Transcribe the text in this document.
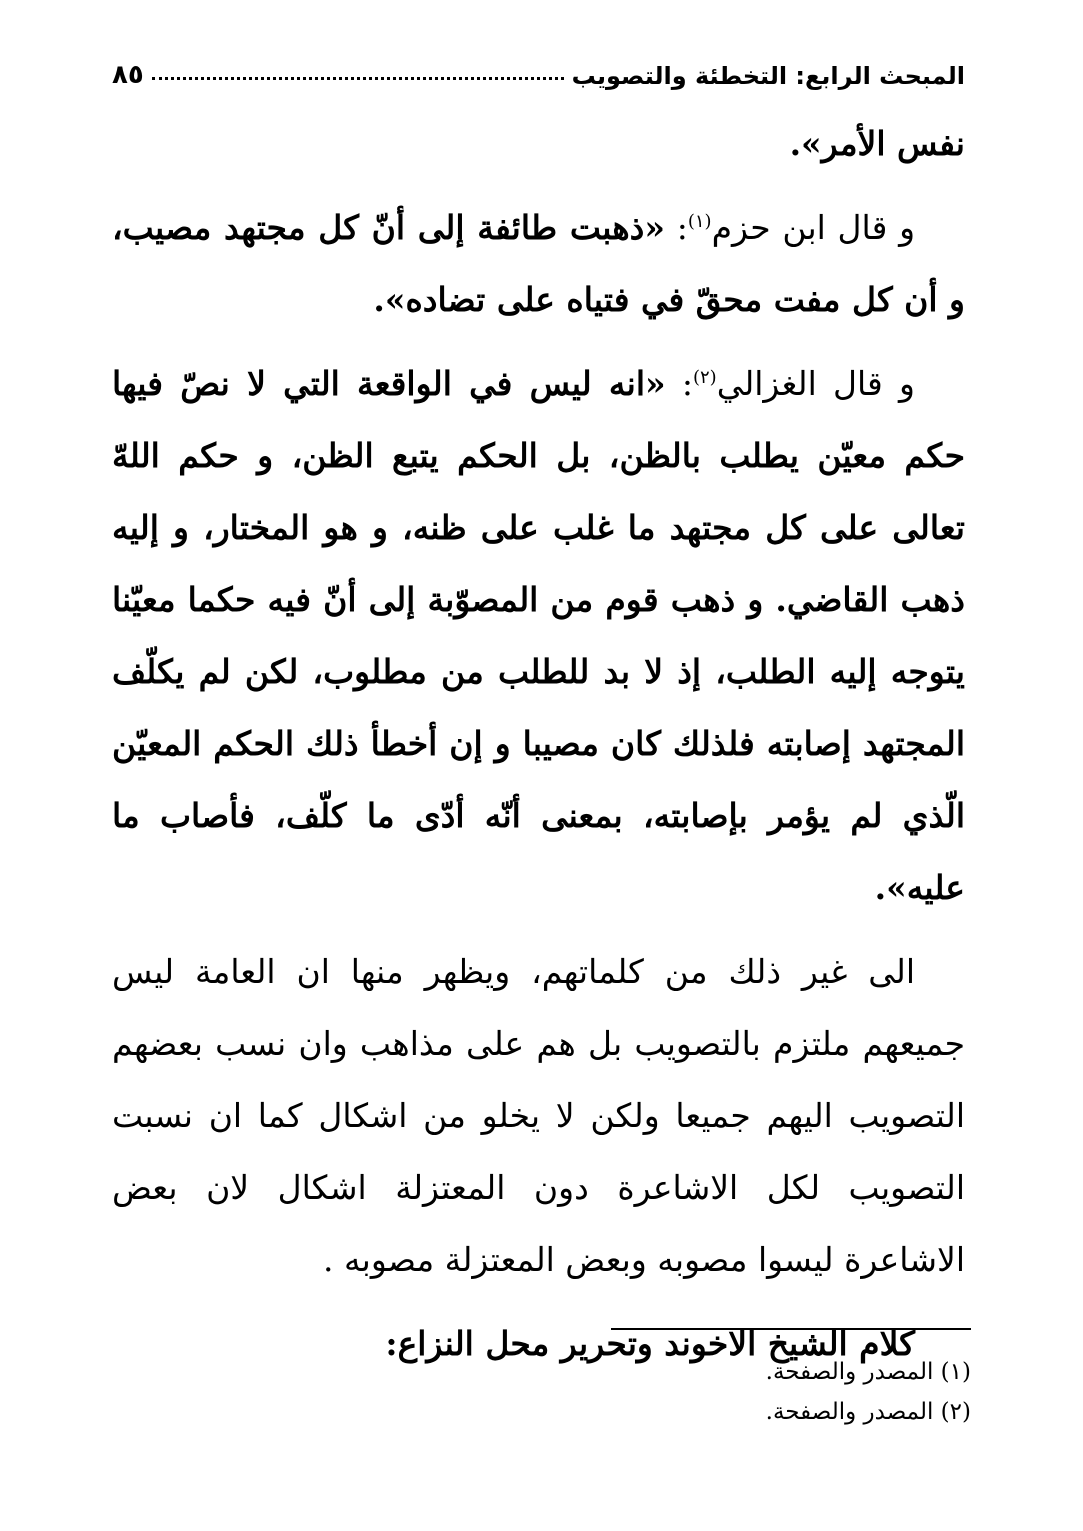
المبحث الرابع: التخطئة والتصويب
٨٥

نفس الأمر».

و قال ابن حزم$^{(١)}$: «ذهبت طائفة إلى أنّ كل مجتهد مصيب، و أن كل مفت محقّ في فتياه على تضاده».

و قال الغزالي$^{(٢)}$: «انه ليس في الواقعة التي لا نصّ فيها حكم معيّن يطلب بالظن، بل الحكم يتبع الظن، و حكم اللهّ تعالى على كل مجتهد ما غلب على ظنه، و هو المختار، و إليه ذهب القاضي. و ذهب قوم من المصوّبة إلى أنّ فيه حكما معيّنا يتوجه إليه الطلب، إذ لا بد للطلب من مطلوب، لكن لم يكلّف المجتهد إصابته فلذلك كان مصيبا و إن أخطأ ذلك الحكم المعيّن الّذي لم يؤمر بإصابته، بمعنى أنّه أدّى ما كلّف، فأصاب ما عليه».

الى غير ذلك من كلماتهم، ويظهر منها ان العامة ليس جميعهم ملتزم بالتصويب بل هم على مذاهب وان نسب بعضهم التصويب اليهم جميعا ولكن لا يخلو من اشكال كما ان نسبت التصويب لكل الاشاعرة دون المعتزلة اشكال لان بعض الاشاعرة ليسوا مصوبه وبعض المعتزلة مصوبه .

كلام الشيخ الاخوند وتحرير محل النزاع:

(١) المصدر والصفحة.
(٢) المصدر والصفحة.
